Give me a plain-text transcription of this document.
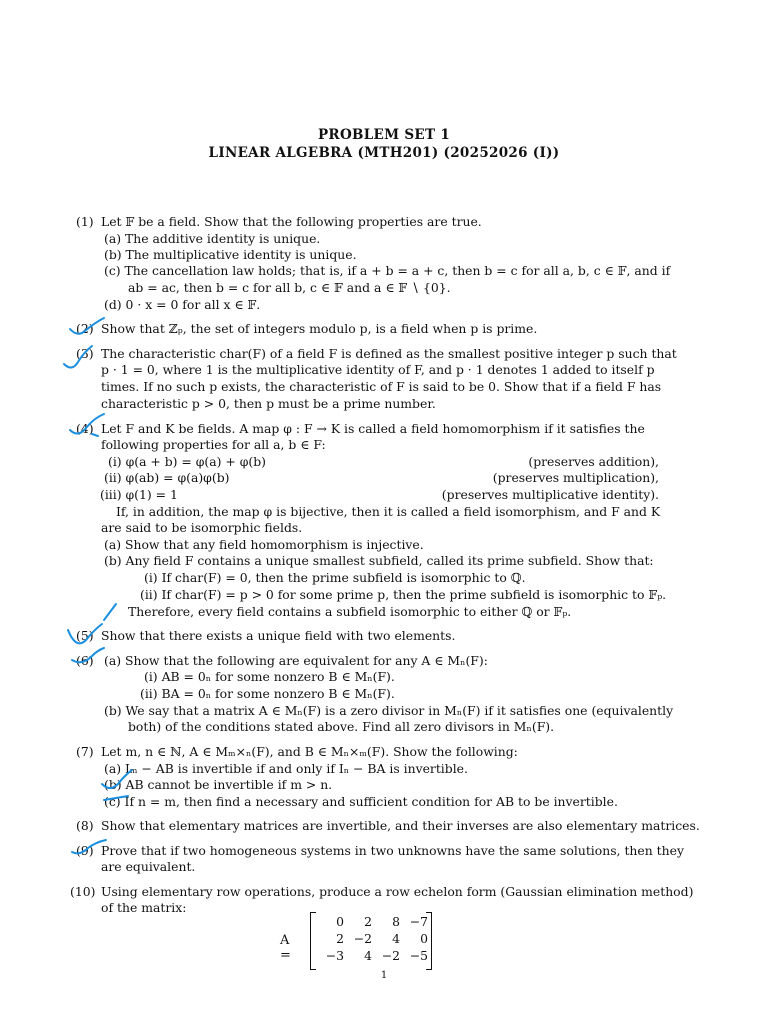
PROBLEM SET 1
LINEAR ALGEBRA (MTH201) (20252026 (I))
(1) Let 𝔽 be a field. Show that the following properties are true.
(a) The additive identity is unique.
(b) The multiplicative identity is unique.
(c) The cancellation law holds; that is, if a + b = a + c, then b = c for all a, b, c ∈ 𝔽, and if
ab = ac, then b = c for all b, c ∈ 𝔽 and a ∈ 𝔽 ∖ {0}.
(d) 0 · x = 0 for all x ∈ 𝔽.
(2) Show that ℤₚ, the set of integers modulo p, is a field when p is prime.
(3) The characteristic char(F) of a field F is defined as the smallest positive integer p such that
p · 1 = 0, where 1 is the multiplicative identity of F, and p · 1 denotes 1 added to itself p
times. If no such p exists, the characteristic of F is said to be 0. Show that if a field F has
characteristic p > 0, then p must be a prime number.
(4) Let F and K be fields. A map φ : F → K is called a field homomorphism if it satisfies the
following properties for all a, b ∈ F:
(i) φ(a + b) = φ(a) + φ(b)	(preserves addition),
(ii) φ(ab) = φ(a)φ(b)	(preserves multiplication),
(iii) φ(1) = 1	(preserves multiplicative identity).
If, in addition, the map φ is bijective, then it is called a field isomorphism, and F and K
are said to be isomorphic fields.
(a) Show that any field homomorphism is injective.
(b) Any field F contains a unique smallest subfield, called its prime subfield. Show that:
(i) If char(F) = 0, then the prime subfield is isomorphic to ℚ.
(ii) If char(F) = p > 0 for some prime p, then the prime subfield is isomorphic to 𝔽ₚ.
Therefore, every field contains a subfield isomorphic to either ℚ or 𝔽ₚ.
(5) Show that there exists a unique field with two elements.
(6) (a) Show that the following are equivalent for any A ∈ Mₙ(F):
(i) AB = 0ₙ for some nonzero B ∈ Mₙ(F).
(ii) BA = 0ₙ for some nonzero B ∈ Mₙ(F).
(b) We say that a matrix A ∈ Mₙ(F) is a zero divisor in Mₙ(F) if it satisfies one (equivalently
both) of the conditions stated above. Find all zero divisors in Mₙ(F).
(7) Let m, n ∈ ℕ, A ∈ Mₘ×ₙ(F), and B ∈ Mₙ×ₘ(F). Show the following:
(a) Iₘ − AB is invertible if and only if Iₙ − BA is invertible.
(b) AB cannot be invertible if m > n.
(c) If n = m, then find a necessary and sufficient condition for AB to be invertible.
(8) Show that elementary matrices are invertible, and their inverses are also elementary matrices.
(9) Prove that if two homogeneous systems in two unknowns have the same solutions, then they
are equivalent.
(10) Using elementary row operations, produce a row echelon form (Gaussian elimination method)
of the matrix:
A =
0	2	8 −7
2 −2	4	0
−3	4 −2 −5
1
